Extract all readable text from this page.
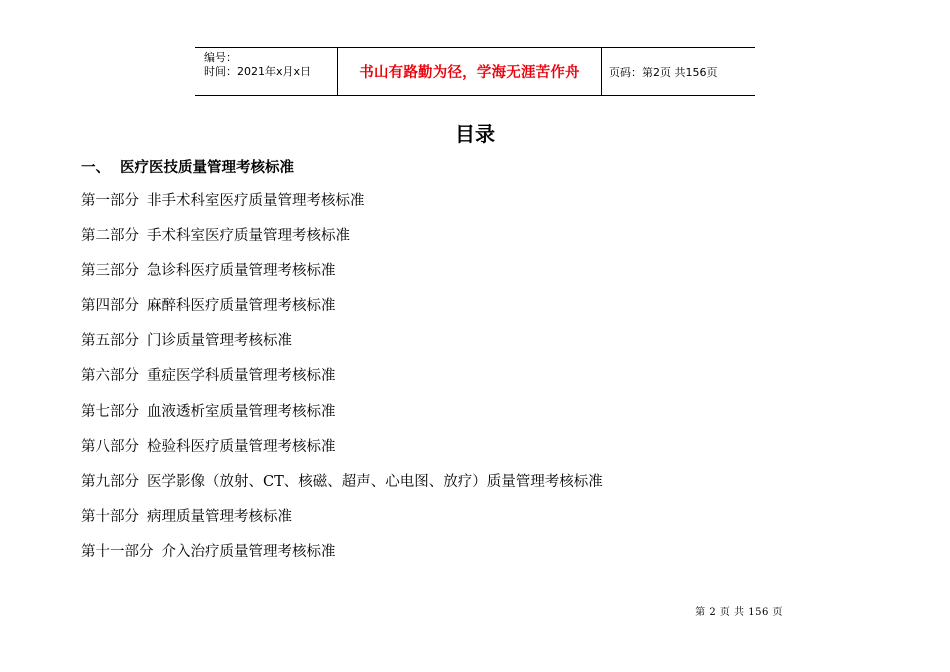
编号：
时间：2021年x月x日	书山有路勤为径，学海无涯苦作舟	页码：第2页 共156页
目录
一、 医疗医技质量管理考核标准
第一部分 非手术科室医疗质量管理考核标准
第二部分 手术科室医疗质量管理考核标准
第三部分 急诊科医疗质量管理考核标准
第四部分 麻醉科医疗质量管理考核标准
第五部分 门诊质量管理考核标准
第六部分 重症医学科质量管理考核标准
第七部分 血液透析室质量管理考核标准
第八部分 检验科医疗质量管理考核标准
第九部分 医学影像（放射、CT、核磁、超声、心电图、放疗）质量管理考核标准
第十部分 病理质量管理考核标准
第十一部分 介入治疗质量管理考核标准
第 2 页 共 156 页
